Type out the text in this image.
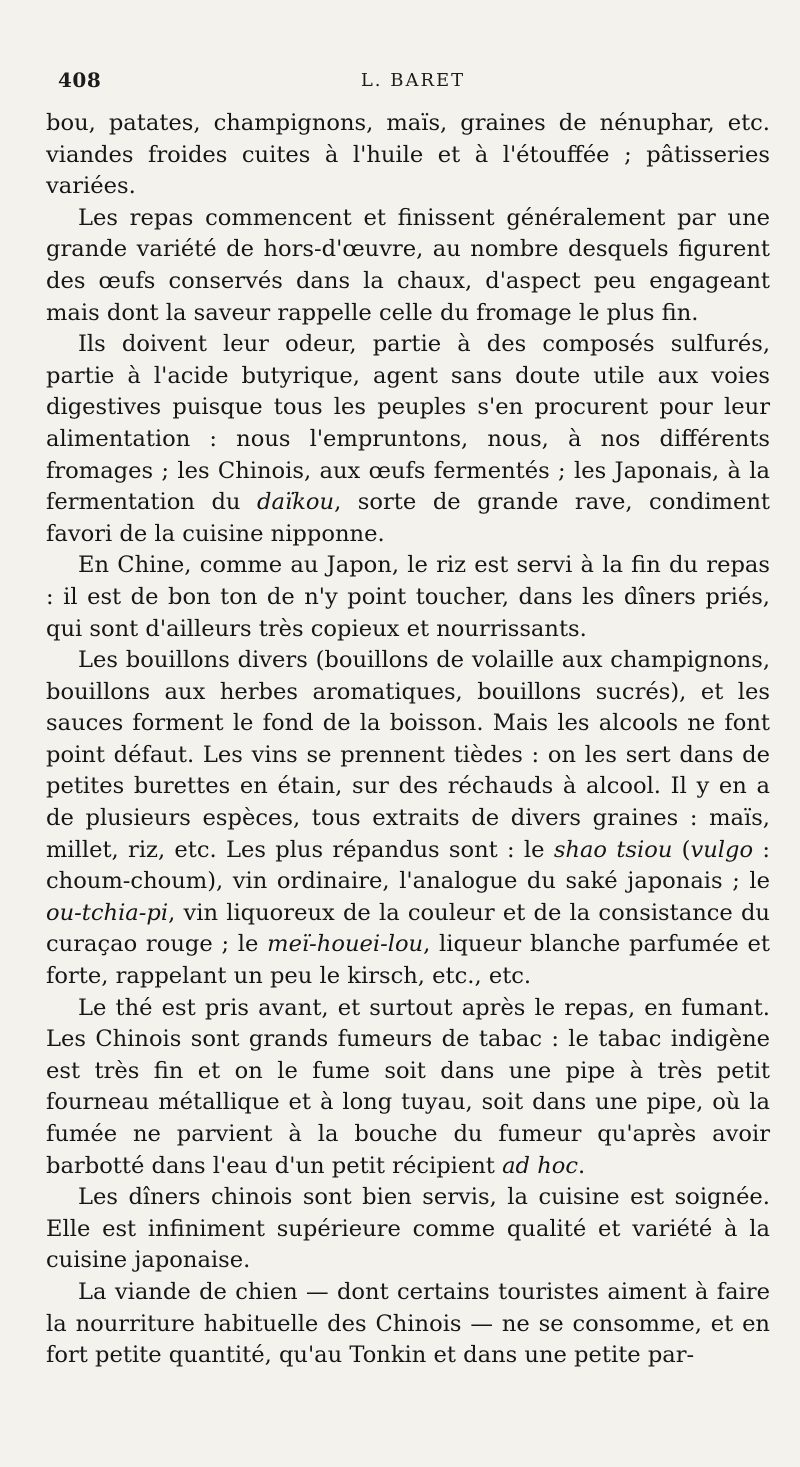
408	L. BARET

bou, patates, champignons, maïs, graines de nénuphar, etc. viandes froides cuites à l'huile et à l'étouffée ; pâtisseries variées.

Les repas commencent et finissent généralement par une grande variété de hors-d'œuvre, au nombre desquels figurent des œufs conservés dans la chaux, d'aspect peu engageant mais dont la saveur rappelle celle du fromage le plus fin.

Ils doivent leur odeur, partie à des composés sulfurés, partie à l'acide butyrique, agent sans doute utile aux voies digestives puisque tous les peuples s'en procurent pour leur alimentation : nous l'empruntons, nous, à nos différents fromages ; les Chinois, aux œufs fermentés ; les Japonais, à la fermentation du daïkou, sorte de grande rave, condiment favori de la cuisine nipponne.

En Chine, comme au Japon, le riz est servi à la fin du repas : il est de bon ton de n'y point toucher, dans les dîners priés, qui sont d'ailleurs très copieux et nourrissants.

Les bouillons divers (bouillons de volaille aux champignons, bouillons aux herbes aromatiques, bouillons sucrés), et les sauces forment le fond de la boisson. Mais les alcools ne font point défaut. Les vins se prennent tièdes : on les sert dans de petites burettes en étain, sur des réchauds à alcool. Il y en a de plusieurs espèces, tous extraits de divers graines : maïs, millet, riz, etc. Les plus répandus sont : le shao tsiou (vulgo : choum-choum), vin ordinaire, l'analogue du saké japonais ; le ou-tchia-pi, vin liquoreux de la couleur et de la consistance du curaçao rouge ; le meï-houei-lou, liqueur blanche parfumée et forte, rappelant un peu le kirsch, etc., etc.

Le thé est pris avant, et surtout après le repas, en fumant. Les Chinois sont grands fumeurs de tabac : le tabac indigène est très fin et on le fume soit dans une pipe à très petit fourneau métallique et à long tuyau, soit dans une pipe, où la fumée ne parvient à la bouche du fumeur qu'après avoir barbotté dans l'eau d'un petit récipient ad hoc.

Les dîners chinois sont bien servis, la cuisine est soignée. Elle est infiniment supérieure comme qualité et variété à la cuisine japonaise.

La viande de chien — dont certains touristes aiment à faire la nourriture habituelle des Chinois — ne se consomme, et en fort petite quantité, qu'au Tonkin et dans une petite par-
